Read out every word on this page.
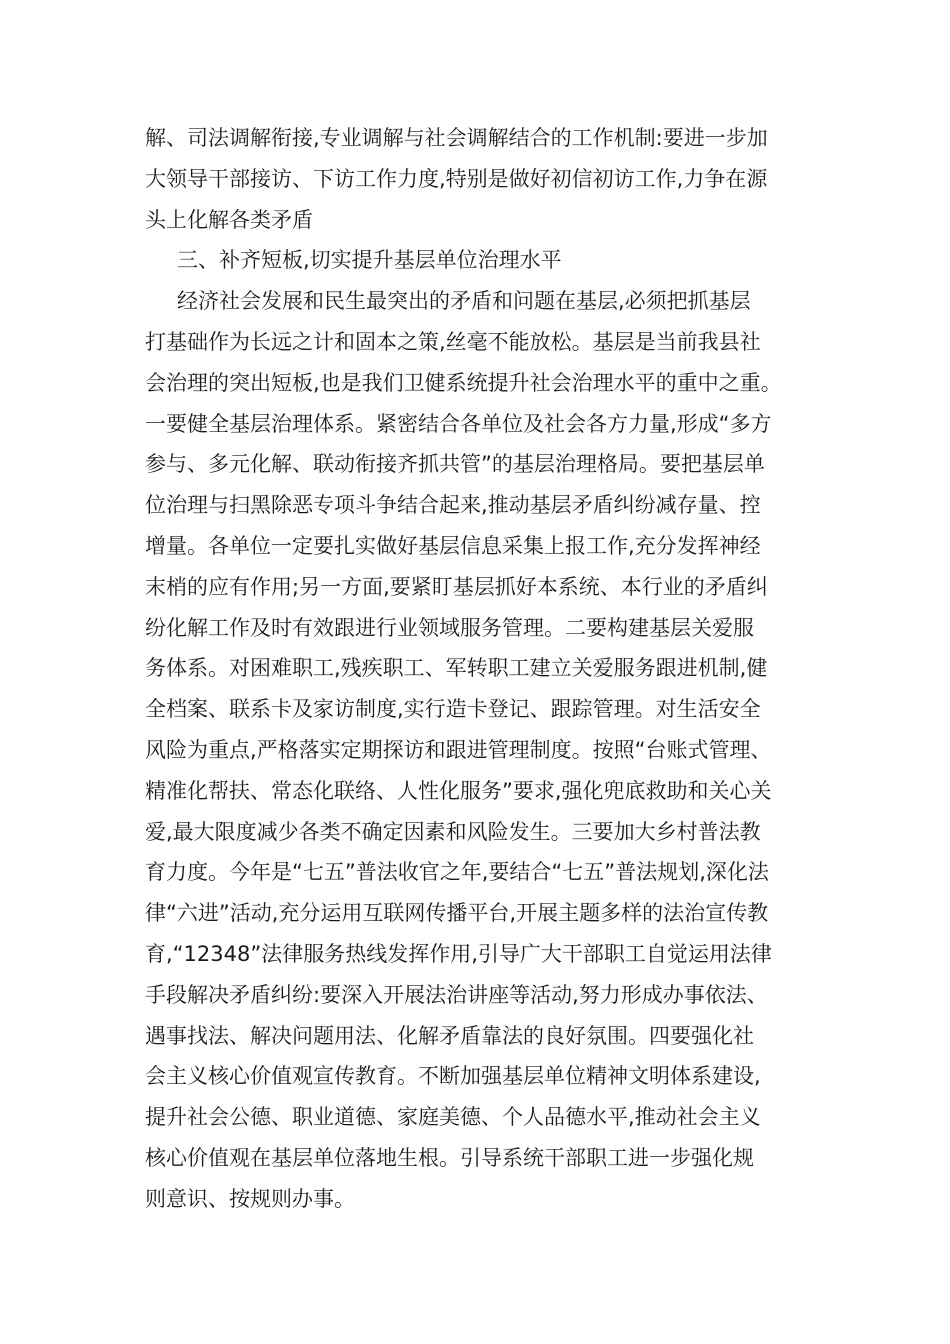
解、司法调解衔接,专业调解与社会调解结合的工作机制:要进一步加
大领导干部接访、下访工作力度,特别是做好初信初访工作,力争在源
头上化解各类矛盾
三、补齐短板,切实提升基层单位治理水平
经济社会发展和民生最突出的矛盾和问题在基层,必须把抓基层
打基础作为长远之计和固本之策,丝毫不能放松。基层是当前我县社
会治理的突出短板,也是我们卫健系统提升社会治理水平的重中之重。
一要健全基层治理体系。紧密结合各单位及社会各方力量,形成“多方
参与、多元化解、联动衔接齐抓共管”的基层治理格局。要把基层单
位治理与扫黑除恶专项斗争结合起来,推动基层矛盾纠纷减存量、控
增量。各单位一定要扎实做好基层信息采集上报工作,充分发挥神经
末梢的应有作用;另一方面,要紧盯基层抓好本系统、本行业的矛盾纠
纷化解工作及时有效跟进行业领域服务管理。二要构建基层关爱服
务体系。对困难职工,残疾职工、军转职工建立关爱服务跟进机制,健
全档案、联系卡及家访制度,实行造卡登记、跟踪管理。对生活安全
风险为重点,严格落实定期探访和跟进管理制度。按照“台账式管理、
精准化帮扶、常态化联络、人性化服务”要求,强化兜底救助和关心关
爱,最大限度减少各类不确定因素和风险发生。三要加大乡村普法教
育力度。今年是“七五”普法收官之年,要结合“七五”普法规划,深化法
律“六进”活动,充分运用互联网传播平台,开展主题多样的法治宣传教
育,“12348”法律服务热线发挥作用,引导广大干部职工自觉运用法律
手段解决矛盾纠纷:要深入开展法治讲座等活动,努力形成办事依法、
遇事找法、解决问题用法、化解矛盾靠法的良好氛围。四要强化社
会主义核心价值观宣传教育。不断加强基层单位精神文明体系建设,
提升社会公德、职业道德、家庭美德、个人品德水平,推动社会主义
核心价值观在基层单位落地生根。引导系统干部职工进一步强化规
则意识、按规则办事。
